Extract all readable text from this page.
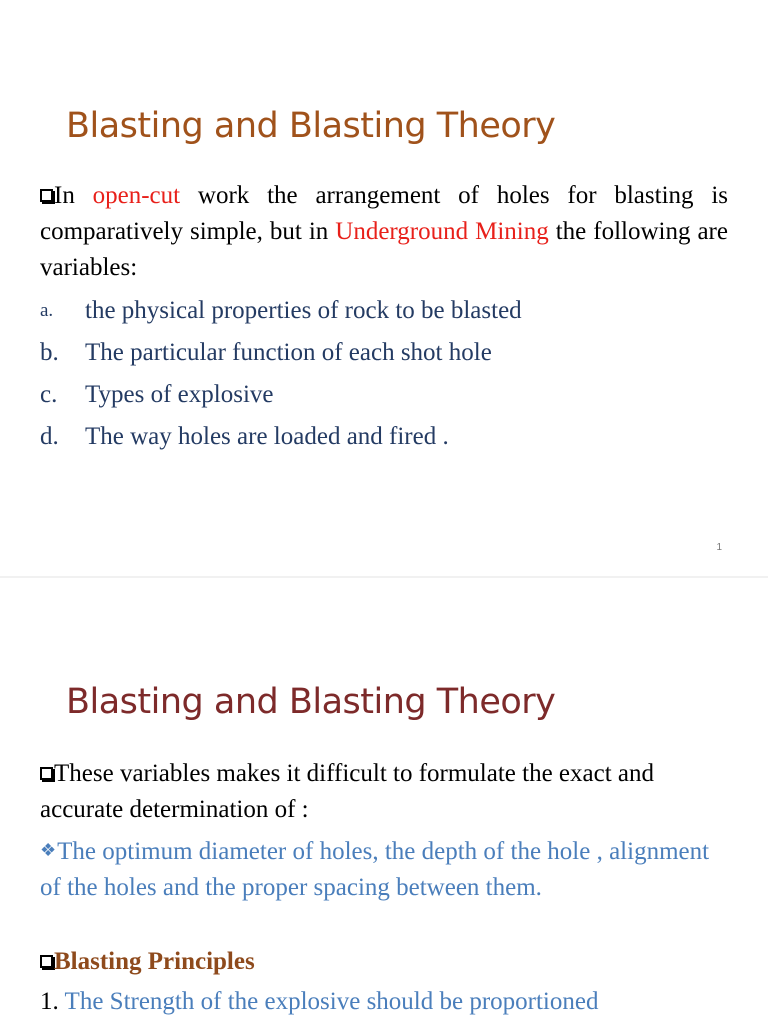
Blasting and Blasting Theory

In open-cut work the arrangement of holes for blasting is comparatively simple, but in Underground Mining the following are variables:

a.	the physical properties of rock to be blasted
b.	The particular function of each shot hole
c.	Types of explosive
d.	The way holes are loaded and fired .
1
Blasting and Blasting Theory

These variables makes it difficult to formulate the exact and accurate determination of :

❖The optimum diameter of holes, the depth of the hole , alignment of the holes and the proper spacing between them.

Blasting Principles
1. The Strength of the explosive should be proportioned
